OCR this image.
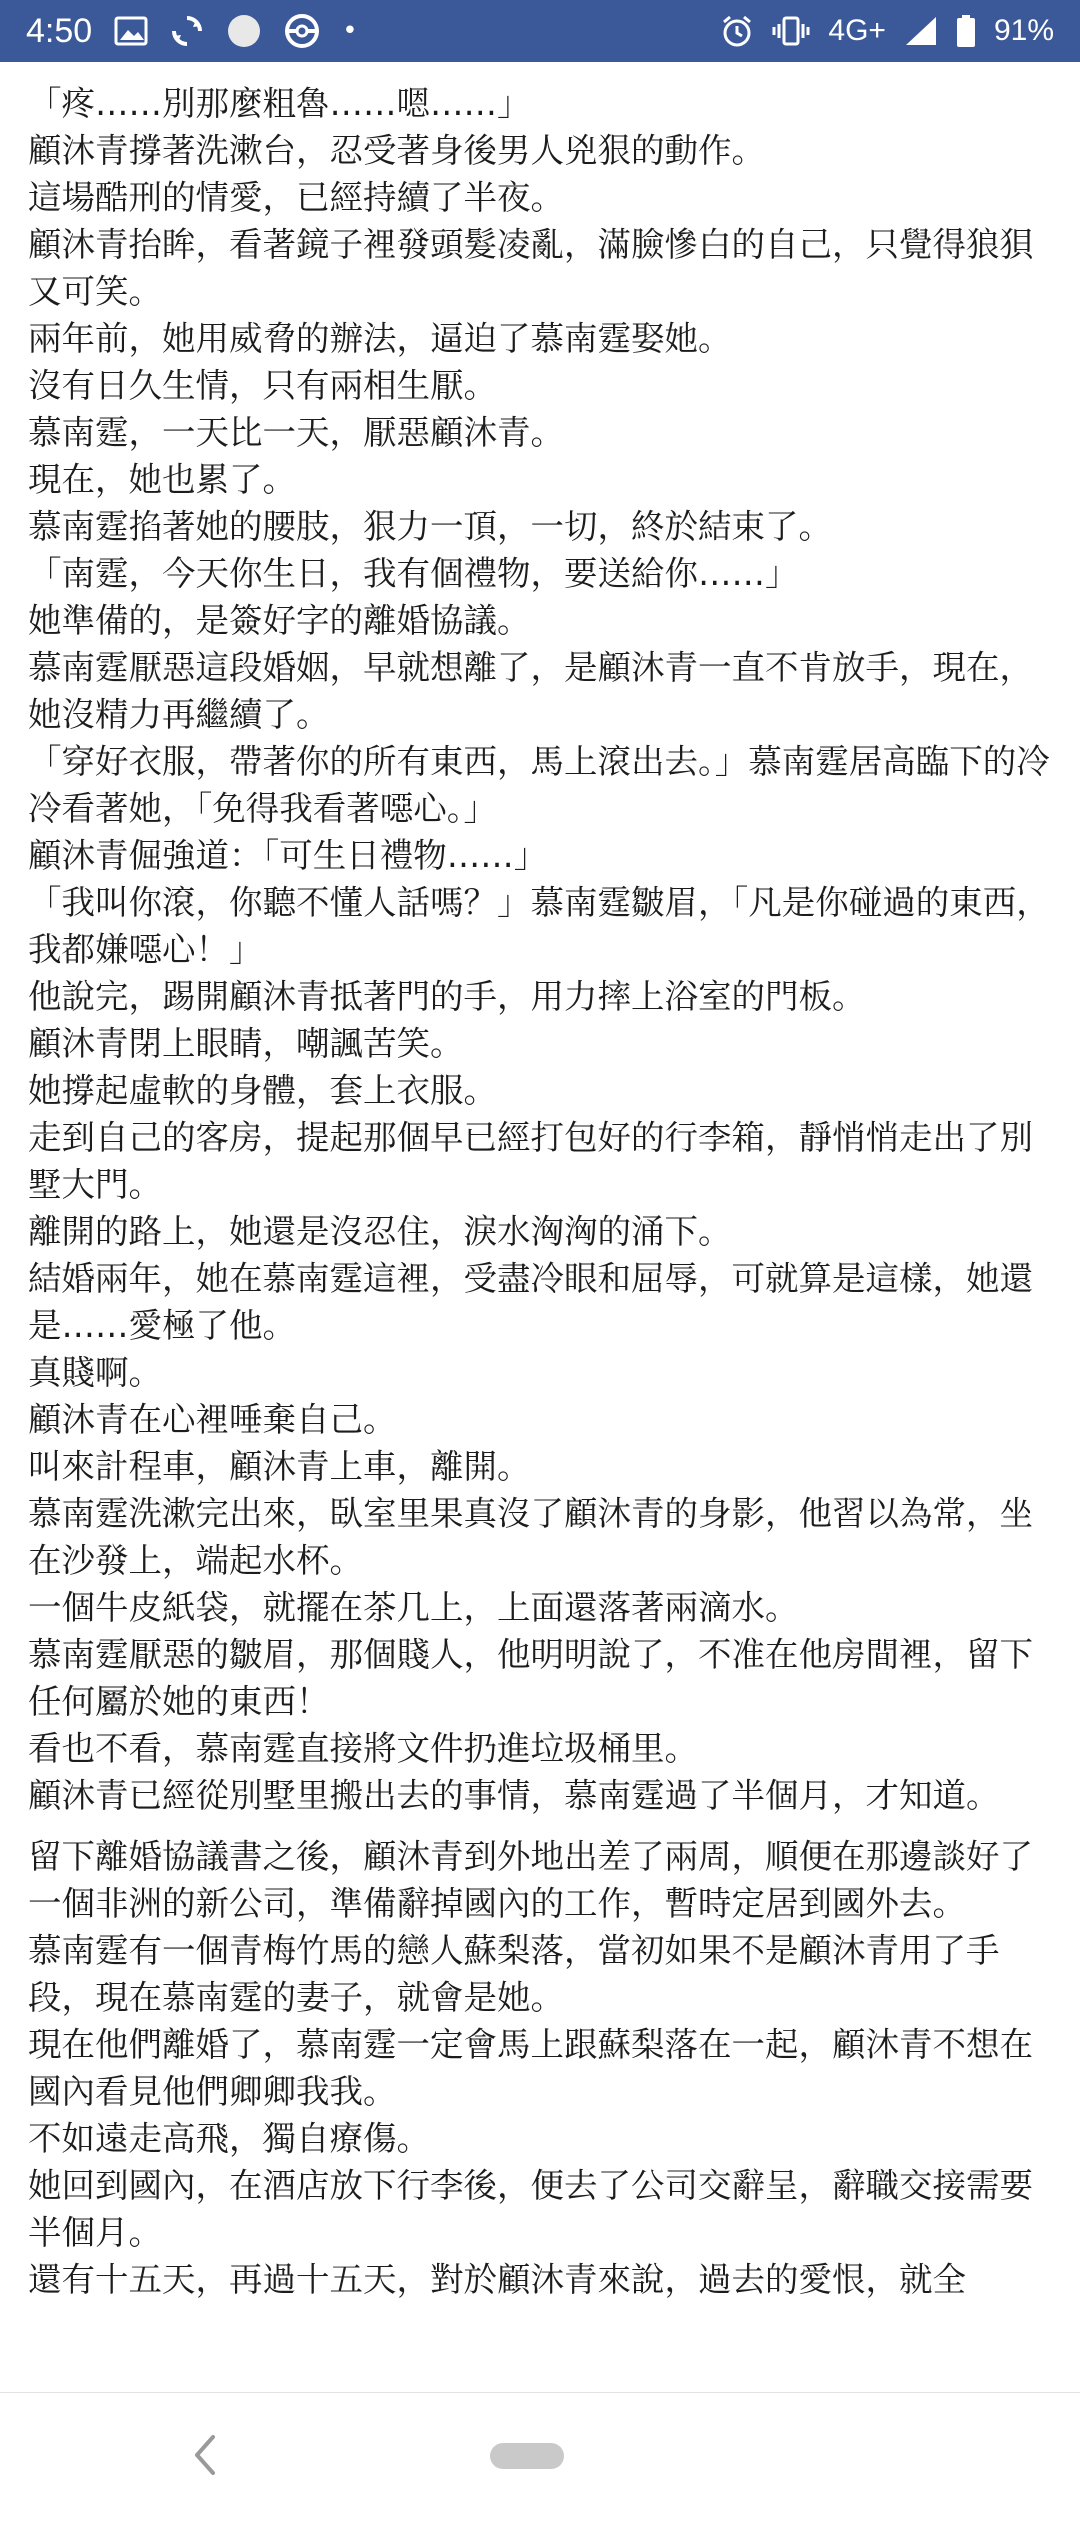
4:50	•	4G+	91%

「疼……別那麼粗魯……嗯……」

顧沐青撐著洗漱台，忍受著身後男人兇狠的動作。

這場酷刑的情愛，已經持續了半夜。

顧沐青抬眸，看著鏡子裡發頭髮凌亂，滿臉慘白的自己，只覺得狼狽又可笑。

兩年前，她用威脅的辦法，逼迫了慕南霆娶她。

沒有日久生情，只有兩相生厭。

慕南霆，一天比一天，厭惡顧沐青。

現在，她也累了。

慕南霆掐著她的腰肢，狠力一頂，一切，終於結束了。

「南霆，今天你生日，我有個禮物，要送給你……」

她準備的，是簽好字的離婚協議。

慕南霆厭惡這段婚姻，早就想離了，是顧沐青一直不肯放手，現在，她沒精力再繼續了。

「穿好衣服，帶著你的所有東西，馬上滾出去。」慕南霆居高臨下的冷冷看著她，「免得我看著噁心。」

顧沐青倔強道：「可生日禮物……」

「我叫你滾，你聽不懂人話嗎？」慕南霆皺眉，「凡是你碰過的東西，我都嫌噁心！」

他說完，踢開顧沐青抵著門的手，用力摔上浴室的門板。

顧沐青閉上眼睛，嘲諷苦笑。

她撐起虛軟的身體，套上衣服。

走到自己的客房，提起那個早已經打包好的行李箱，靜悄悄走出了別墅大門。

離開的路上，她還是沒忍住，淚水洶洶的涌下。

結婚兩年，她在慕南霆這裡，受盡冷眼和屈辱，可就算是這樣，她還是……愛極了他。

真賤啊。

顧沐青在心裡唾棄自己。

叫來計程車，顧沐青上車，離開。

慕南霆洗漱完出來，臥室里果真沒了顧沐青的身影，他習以為常，坐在沙發上，端起水杯。

一個牛皮紙袋，就擺在茶几上，上面還落著兩滴水。

慕南霆厭惡的皺眉，那個賤人，他明明說了，不准在他房間裡，留下任何屬於她的東西！

看也不看，慕南霆直接將文件扔進垃圾桶里。

顧沐青已經從別墅里搬出去的事情，慕南霆過了半個月，才知道。

留下離婚協議書之後，顧沐青到外地出差了兩周，順便在那邊談好了一個非洲的新公司，準備辭掉國內的工作，暫時定居到國外去。

慕南霆有一個青梅竹馬的戀人蘇梨落，當初如果不是顧沐青用了手段，現在慕南霆的妻子，就會是她。

現在他們離婚了，慕南霆一定會馬上跟蘇梨落在一起，顧沐青不想在國內看見他們卿卿我我。

不如遠走高飛，獨自療傷。

她回到國內，在酒店放下行李後，便去了公司交辭呈，辭職交接需要半個月。

還有十五天，再過十五天，對於顧沐青來說，過去的愛恨，就全
